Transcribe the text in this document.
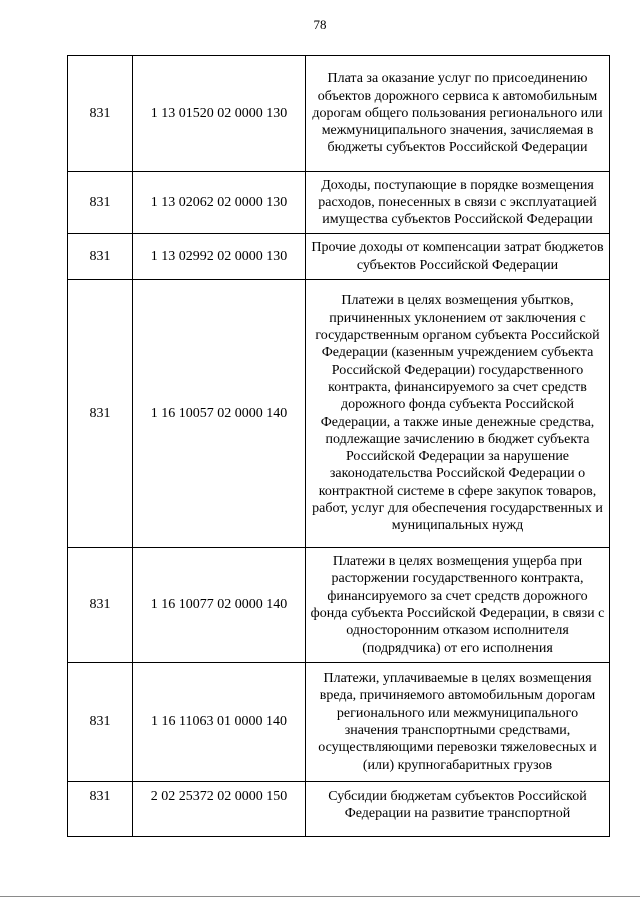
78
831	1 13 01520 02 0000 130	Плата за оказание услуг по присоединению объектов дорожного сервиса к автомобильным дорогам общего пользования регионального или межмуниципального значения, зачисляемая в бюджеты субъектов Российской Федерации
831	1 13 02062 02 0000 130	Доходы, поступающие в порядке возмещения расходов, понесенных в связи с эксплуатацией имущества субъектов Российской Федерации
831	1 13 02992 02 0000 130	Прочие доходы от компенсации затрат бюджетов субъектов Российской Федерации
831	1 16 10057 02 0000 140	Платежи в целях возмещения убытков, причиненных уклонением от заключения с государственным органом субъекта Российской Федерации (казенным учреждением субъекта Российской Федерации) государственного контракта, финансируемого за счет средств дорожного фонда субъекта Российской Федерации, а также иные денежные средства, подлежащие зачислению в бюджет субъекта Российской Федерации за нарушение законодательства Российской Федерации о контрактной системе в сфере закупок товаров, работ, услуг для обеспечения государственных и муниципальных нужд
831	1 16 10077 02 0000 140	Платежи в целях возмещения ущерба при расторжении государственного контракта, финансируемого за счет средств дорожного фонда субъекта Российской Федерации, в связи с односторонним отказом исполнителя (подрядчика) от его исполнения
831	1 16 11063 01 0000 140	Платежи, уплачиваемые в целях возмещения вреда, причиняемого автомобильным дорогам регионального или межмуниципального значения транспортными средствами, осуществляющими перевозки тяжеловесных и (или) крупногабаритных грузов
831	2 02 25372 02 0000 150	Субсидии бюджетам субъектов Российской Федерации на развитие транспортной
